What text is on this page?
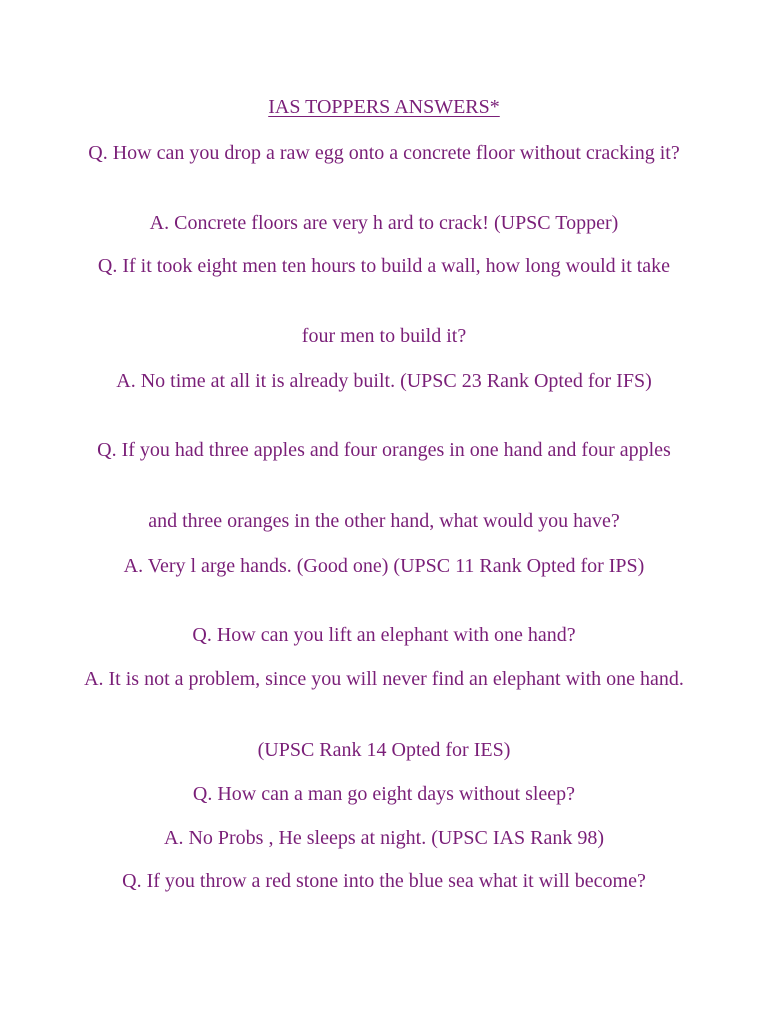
IAS TOPPERS ANSWERS*

Q. How can you drop a raw egg onto a concrete floor without cracking it?

A. Concrete floors are very h ard to crack! (UPSC Topper)

Q. If it took eight men ten hours to build a wall, how long would it take

four men to build it?

A. No time at all it is already built. (UPSC 23 Rank Opted for IFS)

Q. If you had three apples and four oranges in one hand and four apples

and three oranges in the other hand, what would you have?

A. Very l arge hands. (Good one) (UPSC 11 Rank Opted for IPS)

Q. How can you lift an elephant with one hand?

A. It is not a problem, since you will never find an elephant with one hand.

(UPSC Rank 14 Opted for IES)

Q. How can a man go eight days without sleep?

A. No Probs , He sleeps at night. (UPSC IAS Rank 98)

Q. If you throw a red stone into the blue sea what it will become?
